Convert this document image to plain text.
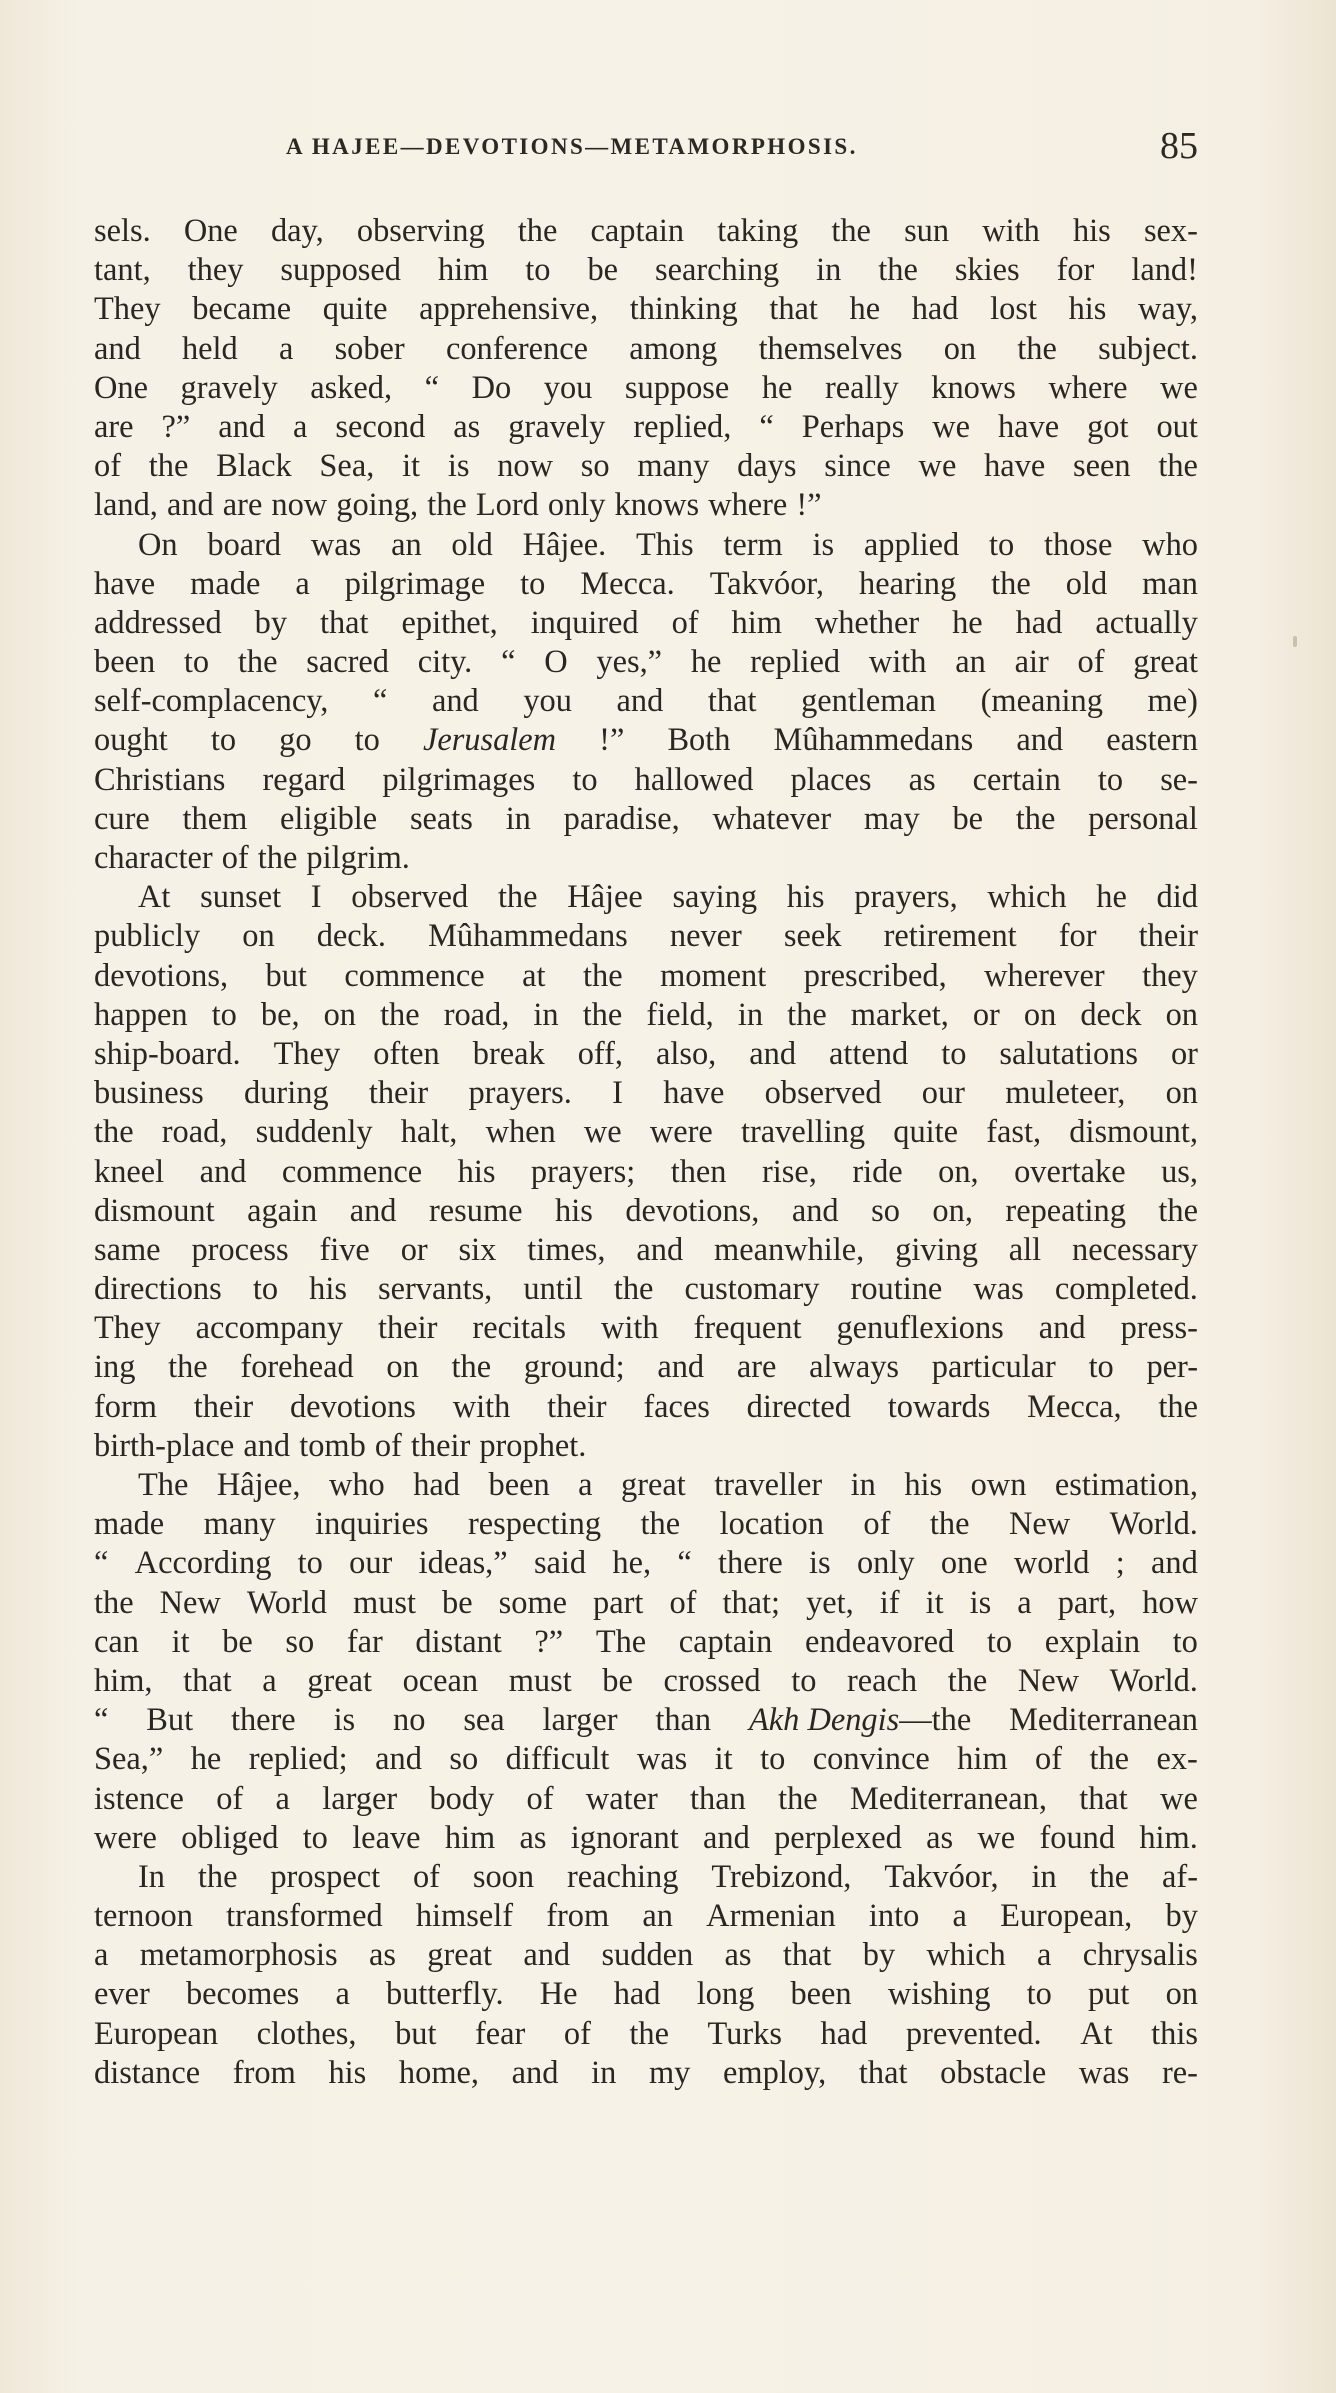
A HAJEE—DEVOTIONS—METAMORPHOSIS.	85
sels. One day, observing the captain taking the sun with his sex-
tant, they supposed him to be searching in the skies for land!
They became quite apprehensive, thinking that he had lost his way,
and held a sober conference among themselves on the subject.
One gravely asked, “ Do you suppose he really knows where we
are ?” and a second as gravely replied, “ Perhaps we have got out
of the Black Sea, it is now so many days since we have seen the
land, and are now going, the Lord only knows where !”
On board was an old Hâjee. This term is applied to those who
have made a pilgrimage to Mecca. Takvóor, hearing the old man
addressed by that epithet, inquired of him whether he had actually
been to the sacred city. “ O yes,” he replied with an air of great
self-complacency, “ and you and that gentleman (meaning me)
ought to go to Jerusalem !” Both Mûhammedans and eastern
Christians regard pilgrimages to hallowed places as certain to se-
cure them eligible seats in paradise, whatever may be the personal
character of the pilgrim.
At sunset I observed the Hâjee saying his prayers, which he did
publicly on deck. Mûhammedans never seek retirement for their
devotions, but commence at the moment prescribed, wherever they
happen to be, on the road, in the field, in the market, or on deck on
ship-board. They often break off, also, and attend to salutations or
business during their prayers. I have observed our muleteer, on
the road, suddenly halt, when we were travelling quite fast, dismount,
kneel and commence his prayers; then rise, ride on, overtake us,
dismount again and resume his devotions, and so on, repeating the
same process five or six times, and meanwhile, giving all necessary
directions to his servants, until the customary routine was completed.
They accompany their recitals with frequent genuflexions and press-
ing the forehead on the ground; and are always particular to per-
form their devotions with their faces directed towards Mecca, the
birth-place and tomb of their prophet.
The Hâjee, who had been a great traveller in his own estimation,
made many inquiries respecting the location of the New World.
“ According to our ideas,” said he, “ there is only one world ; and
the New World must be some part of that; yet, if it is a part, how
can it be so far distant ?” The captain endeavored to explain to
him, that a great ocean must be crossed to reach the New World.
“ But there is no sea larger than Akh Dengis—the Mediterranean
Sea,” he replied; and so difficult was it to convince him of the ex-
istence of a larger body of water than the Mediterranean, that we
were obliged to leave him as ignorant and perplexed as we found him.
In the prospect of soon reaching Trebizond, Takvóor, in the af-
ternoon transformed himself from an Armenian into a European, by
a metamorphosis as great and sudden as that by which a chrysalis
ever becomes a butterfly. He had long been wishing to put on
European clothes, but fear of the Turks had prevented. At this
distance from his home, and in my employ, that obstacle was re-
